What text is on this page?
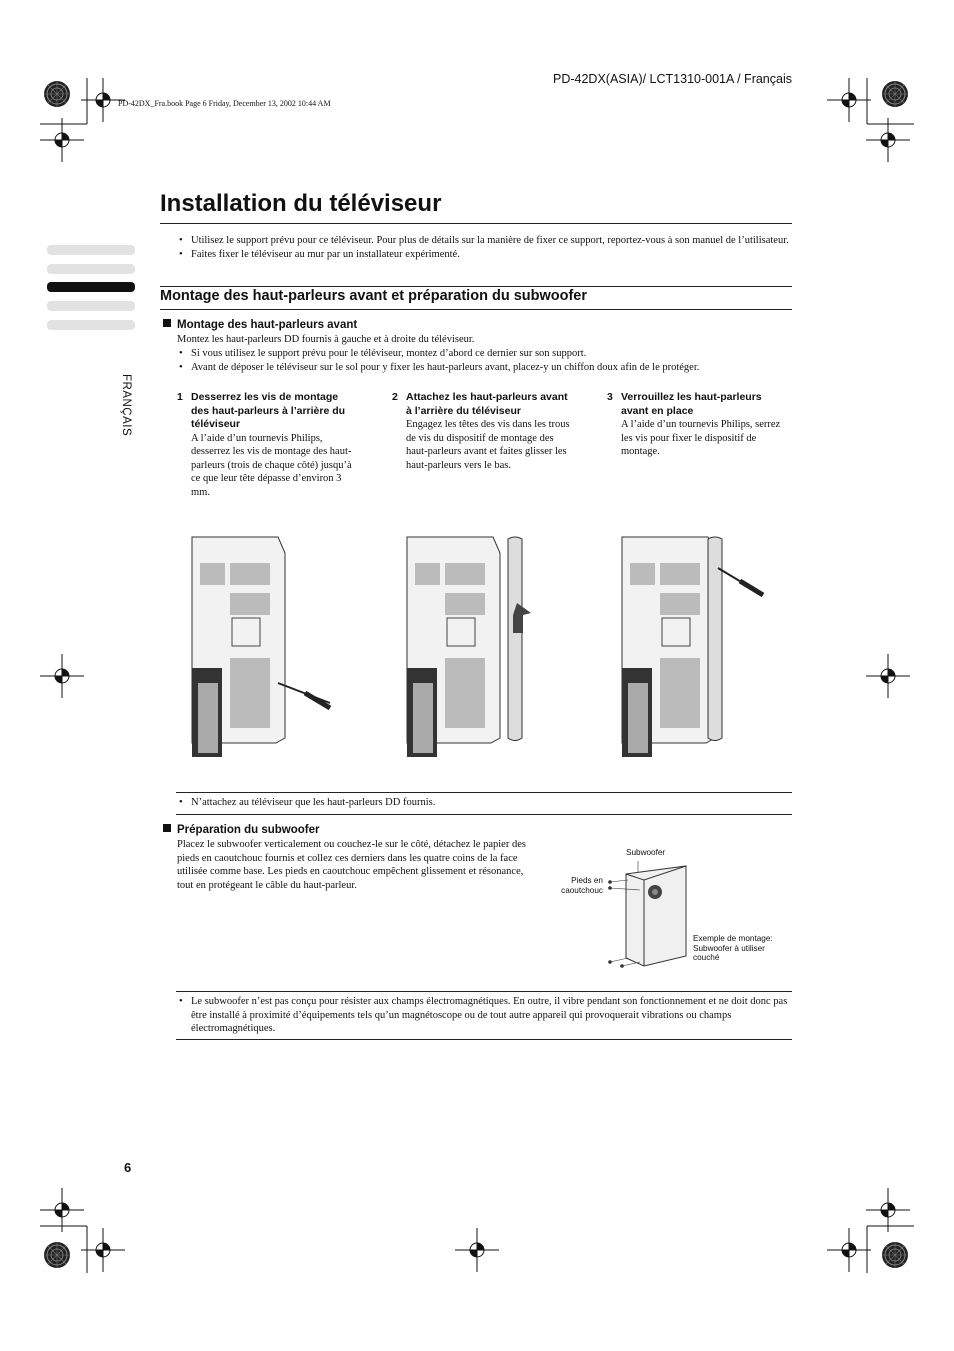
PD-42DX(ASIA)/ LCT1310-001A / Français
PD-42DX_Fra.book Page 6 Friday, December 13, 2002 10:44 AM
FRANÇAIS
Installation du téléviseur
• Utilisez le support prévu pour ce téléviseur. Pour plus de détails sur la manière de fixer ce support, reportez-vous à son manuel de l’utilisateur.
• Faites fixer le téléviseur au mur par un installateur expérimenté.
Montage des haut-parleurs avant et préparation du subwoofer
Montage des haut-parleurs avant
Montez les haut-parleurs DD fournis à gauche et à droite du téléviseur.
• Si vous utilisez le support prévu pour le téléviseur, montez d’abord ce dernier sur son support.
• Avant de déposer le téléviseur sur le sol pour y fixer les haut-parleurs avant, placez-y un chiffon doux afin de le protéger.
1 Desserrez les vis de montage des haut-parleurs à l’arrière du téléviseur
A l’aide d’un tournevis Philips, desserrez les vis de montage des haut-parleurs (trois de chaque côté) jusqu’à ce que leur tête dépasse d’environ 3 mm.
2 Attachez les haut-parleurs avant à l’arrière du téléviseur
Engagez les têtes des vis dans les trous de vis du dispositif de montage des haut-parleurs avant et faites glisser les haut-parleurs vers le bas.
3 Verrouillez les haut-parleurs avant en place
A l’aide d’un tournevis Philips, serrez les vis pour fixer le dispositif de montage.
• N’attachez au téléviseur que les haut-parleurs DD fournis.
Préparation du subwoofer
Placez le subwoofer verticalement ou couchez-le sur le côté, détachez le papier des pieds en caoutchouc fournis et collez ces derniers dans les quatre coins de la face utilisée comme base. Les pieds en caoutchouc empêchent glissement et résonance, tout en protégeant le câble du haut-parleur.
Subwoofer
Pieds en caoutchouc
Exemple de montage: Subwoofer à utiliser couché
• Le subwoofer n’est pas conçu pour résister aux champs électromagnétiques. En outre, il vibre pendant son fonctionnement et ne doit donc pas être installé à proximité d’équipements tels qu’un magnétoscope ou de tout autre appareil qui provoquerait vibrations ou champs électromagnétiques.
6
